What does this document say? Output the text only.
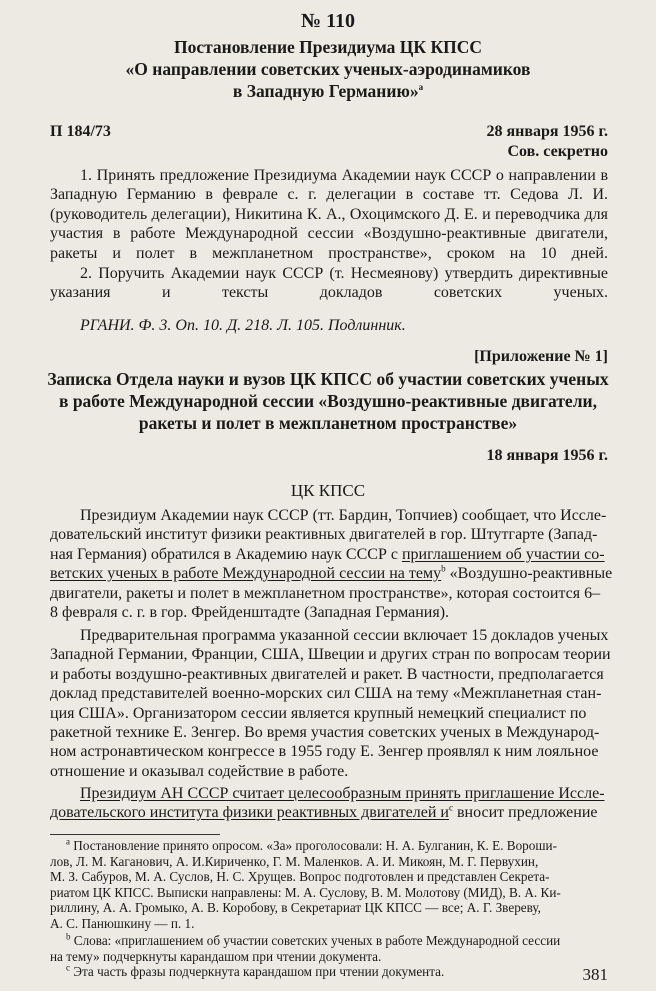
№ 110
Постановление Президиума ЦК КПСС
«О направлении советских ученых-аэродинамиков
в Западную Германию»$^a$
П 184/73	28 января 1956 г.
Сов. секретно

1. Принять предложение Президиума Академии наук СССР о направлении в Западную Германию в феврале с. г. делегации в составе тт. Седова Л. И. (руководитель делегации), Никитина К. А., Охоцимского Д. Е. и переводчика для участия в работе Международной сессии «Воздушно-реактивные двигатели, ракеты и полет в межпланетном пространстве», сроком на 10 дней.

2. Поручить Академии наук СССР (т. Несмеянову) утвердить директивные указания и тексты докладов советских ученых.

РГАНИ. Ф. 3. Оп. 10. Д. 218. Л. 105. Подлинник.

[Приложение № 1]
Записка Отдела науки и вузов ЦК КПСС об участии советских ученых
в работе Международной сессии «Воздушно-реактивные двигатели,
ракеты и полет в межпланетном пространстве»
18 января 1956 г.
ЦК КПСС
Президиум Академии наук СССР (тт. Бардин, Топчиев) сообщает, что Иссле-
довательский институт физики реактивных двигателей в гор. Штутгарте (Запад-
ная Германия) обратился в Академию наук СССР с приглашением об участии со-
ветских ученых в работе Международной сессии на тему$^b$ «Воздушно-реактивные
двигатели, ракеты и полет в межпланетном пространстве», которая состоится 6–
8 февраля с. г. в гор. Фрейденштадте (Западная Германия).
Предварительная программа указанной сессии включает 15 докладов ученых
Западной Германии, Франции, США, Швеции и других стран по вопросам теории
и работы воздушно-реактивных двигателей и ракет. В частности, предполагается
доклад представителей военно-морских сил США на тему «Межпланетная стан-
ция США». Организатором сессии является крупный немецкий специалист по
ракетной технике Е. Зенгер. Во время участия советских ученых в Международ-
ном астронавтическом конгрессе в 1955 году Е. Зенгер проявлял к ним лояльное
отношение и оказывал содействие в работе.
Президиум АН СССР считает целесообразным принять приглашение Иссле-
довательского института физики реактивных двигателей $и^c$ вносит предложение
$^a$ Постановление принято опросом. «За» проголосовали: Н. А. Булганин, К. Е. Вороши-
лов, Л. М. Каганович, А. И.Кириченко, Г. М. Маленков. А. И. Микоян, М. Г. Первухин,
М. З. Сабуров, М. А. Суслов, Н. С. Хрущев. Вопрос подготовлен и представлен Секрета-
риатом ЦК КПСС. Выписки направлены: М. А. Суслову, В. М. Молотову (МИД), В. А. Ки-
риллину, А. А. Громыко, А. В. Коробову, в Секретариат ЦК КПСС — все; А. Г. Звереву,
А. С. Панюшкину — п. 1.
$^b$ Слова: «приглашением об участии советских ученых в работе Международной сессии
на тему» подчеркнуты карандашом при чтении документа.
$^c$ Эта часть фразы подчеркнута карандашом при чтении документа.	381
